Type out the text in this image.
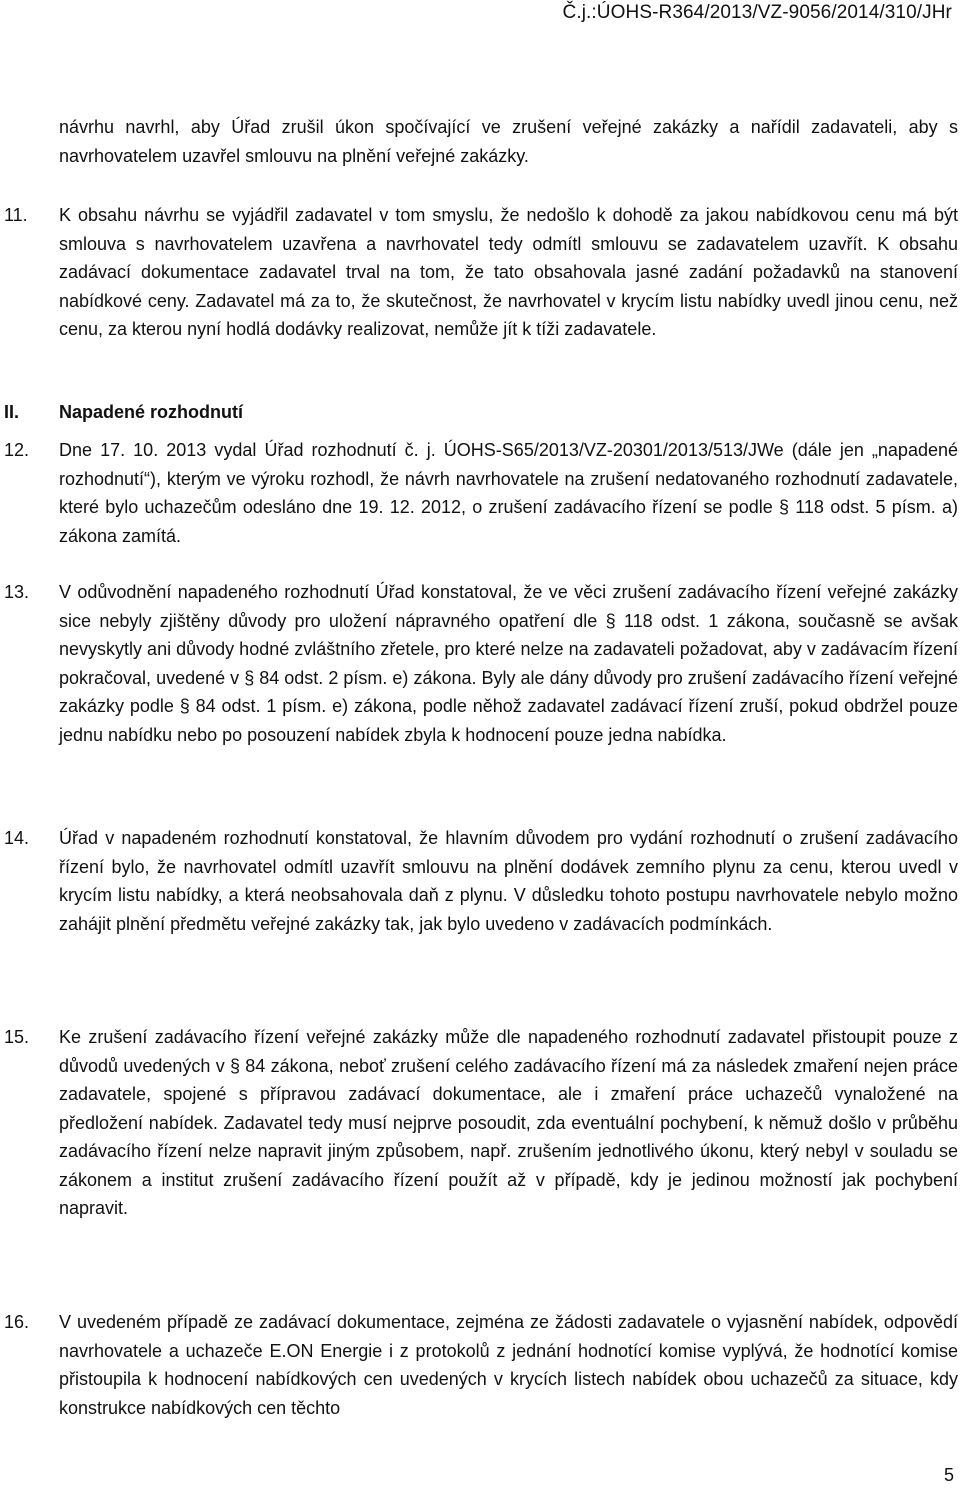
Č.j.:ÚOHS-R364/2013/VZ-9056/2014/310/JHr
návrhu navrhl, aby Úřad zrušil úkon spočívající ve zrušení veřejné zakázky a nařídil zadavateli, aby s navrhovatelem uzavřel smlouvu na plnění veřejné zakázky.
11. K obsahu návrhu se vyjádřil zadavatel v tom smyslu, že nedošlo k dohodě za jakou nabídkovou cenu má být smlouva s navrhovatelem uzavřena a navrhovatel tedy odmítl smlouvu se zadavatelem uzavřít. K obsahu zadávací dokumentace zadavatel trval na tom, že tato obsahovala jasné zadání požadavků na stanovení nabídkové ceny. Zadavatel má za to, že skutečnost, že navrhovatel v krycím listu nabídky uvedl jinou cenu, než cenu, za kterou nyní hodlá dodávky realizovat, nemůže jít k tíži zadavatele.
II. Napadené rozhodnutí
12. Dne 17. 10. 2013 vydal Úřad rozhodnutí č. j. ÚOHS-S65/2013/VZ-20301/2013/513/JWe (dále jen „napadené rozhodnutí“), kterým ve výroku rozhodl, že návrh navrhovatele na zrušení nedatovaného rozhodnutí zadavatele, které bylo uchazečům odesláno dne 19. 12. 2012, o zrušení zadávacího řízení se podle § 118 odst. 5 písm. a) zákona zamítá.
13. V odůvodnění napadeného rozhodnutí Úřad konstatoval, že ve věci zrušení zadávacího řízení veřejné zakázky sice nebyly zjištěny důvody pro uložení nápravného opatření dle § 118 odst. 1 zákona, současně se avšak nevyskytly ani důvody hodné zvláštního zřetele, pro které nelze na zadavateli požadovat, aby v zadávacím řízení pokračoval, uvedené v § 84 odst. 2 písm. e) zákona. Byly ale dány důvody pro zrušení zadávacího řízení veřejné zakázky podle § 84 odst. 1 písm. e) zákona, podle něhož zadavatel zadávací řízení zruší, pokud obdržel pouze jednu nabídku nebo po posouzení nabídek zbyla k hodnocení pouze jedna nabídka.
14. Úřad v napadeném rozhodnutí konstatoval, že hlavním důvodem pro vydání rozhodnutí o zrušení zadávacího řízení bylo, že navrhovatel odmítl uzavřít smlouvu na plnění dodávek zemního plynu za cenu, kterou uvedl v krycím listu nabídky, a která neobsahovala daň z plynu. V důsledku tohoto postupu navrhovatele nebylo možno zahájit plnění předmětu veřejné zakázky tak, jak bylo uvedeno v zadávacích podmínkách.
15. Ke zrušení zadávacího řízení veřejné zakázky může dle napadeného rozhodnutí zadavatel přistoupit pouze z důvodů uvedených v § 84 zákona, neboť zrušení celého zadávacího řízení má za následek zmaření nejen práce zadavatele, spojené s přípravou zadávací dokumentace, ale i zmaření práce uchazečů vynaložené na předložení nabídek. Zadavatel tedy musí nejprve posoudit, zda eventuální pochybení, k němuž došlo v průběhu zadávacího řízení nelze napravit jiným způsobem, např. zrušením jednotlivého úkonu, který nebyl v souladu se zákonem a institut zrušení zadávacího řízení použít až v případě, kdy je jedinou možností jak pochybení napravit.
16. V uvedeném případě ze zadávací dokumentace, zejména ze žádosti zadavatele o vyjasnění nabídek, odpovědí navrhovatele a uchazeče E.ON Energie i z protokolů z jednání hodnotící komise vyplývá, že hodnotící komise přistoupila k hodnocení nabídkových cen uvedených v krycích listech nabídek obou uchazečů za situace, kdy konstrukce nabídkových cen těchto
5
